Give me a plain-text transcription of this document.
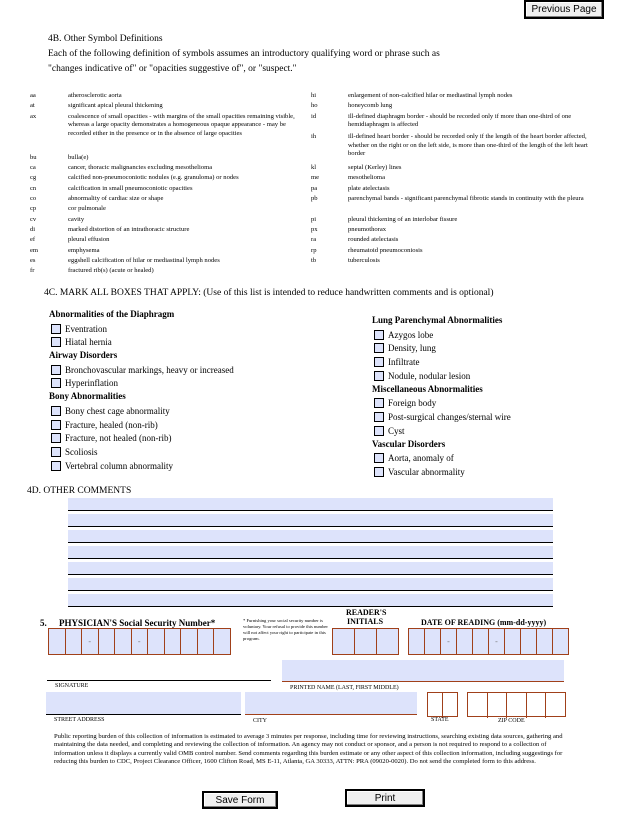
Previous Page
4B. Other Symbol Definitions
Each of the following definition of symbols assumes an introductory qualifying word or phrase such as
"changes indicative of" or "opacities suggestive of", or "suspect."
aa	atherosclerotic aorta
at	significant apical pleural thickening
ax	coalescence of small opacities - with margins of the small opacities remaining visible, whereas a large opacity demonstrates a homogeneous opaque appearance - may be recorded either in the presence or in the absence of large opacities
bu	bulla(e)
ca	cancer, thoracic malignancies excluding mesothelioma
cg	calcified non-pneumoconiotic nodules (e.g. granuloma) or nodes
cn	calcification in small pneumoconiotic opacities
co	abnormality of cardiac size or shape
cp	cor pulmonale
cv	cavity
di	marked distortion of an intrathoracic structure
ef	pleural effusion
em	emphysema
es	eggshell calcification of hilar or mediastinal lymph nodes
fr	fractured rib(s) (acute or healed)
hi	enlargement of non-calcified hilar or mediastinal lymph nodes
ho	honeycomb lung
id	ill-defined diaphragm border - should be recorded only if more than one-third of one hemidiaphragm is affected
ih	ill-defined heart border - should be recorded only if the length of the heart border affected, whether on the right or on the left side, is more than one-third of the length of the left heart border
kl	septal (Kerley) lines
me	mesothelioma
pa	plate atelectasis
pb	parenchymal bands - significant parenchymal fibrotic stands in continuity with the pleura
pi	pleural thickening of an interlobar fissure
px	pneumothorax
ra	rounded atelectasis
rp	rheumatoid pneumoconiosis
tb	tuberculosis
4C. MARK ALL BOXES THAT APPLY: (Use of this list is intended to reduce handwritten comments and is optional)
Abnormalities of the Diaphragm
Eventration
Hiatal hernia
Airway Disorders
Bronchovascular markings, heavy or increased
Hyperinflation
Bony Abnormalities
Bony chest cage abnormality
Fracture, healed (non-rib)
Fracture, not healed (non-rib)
Scoliosis
Vertebral column abnormality
Lung Parenchymal Abnormalities
Azygos lobe
Density, lung
Infiltrate
Nodule, nodular lesion
Miscellaneous Abnormalities
Foreign body
Post-surgical changes/sternal wire
Cyst
Vascular Disorders
Aorta, anomaly of
Vascular abnormality
4D. OTHER COMMENTS
5. PHYSICIAN'S Social Security Number*
-	-
* Furnishing your social security number is voluntary. Your refusal to provide this number will not affect your right to participate in this program.
READER'S
INITIALS	DATE OF READING (mm-dd-yyyy)
-	-
SIGNATURE	PRINTED NAME (LAST, FIRST MIDDLE)
STREET ADDRESS	CITY	STATE	ZIP CODE
Public reporting burden of this collection of information is estimated to average 3 minutes per response, including time for reviewing instructions, searching existing data sources, gathering and maintaining the data needed, and completing and reviewing the collection of information. An agency may not conduct or sponsor, and a person is not required to respond to a collection of information unless it displays a currently valid OMB control number. Send comments regarding this burden estimate or any other aspect of this collection information, including suggestings for reducing this burden to CDC, Project Clearance Officer, 1600 Clifton Road, MS E-11, Atlanta, GA 30333, ATTN: PRA (09020-0020). Do not send the completed form to this address.
Save Form	Print
